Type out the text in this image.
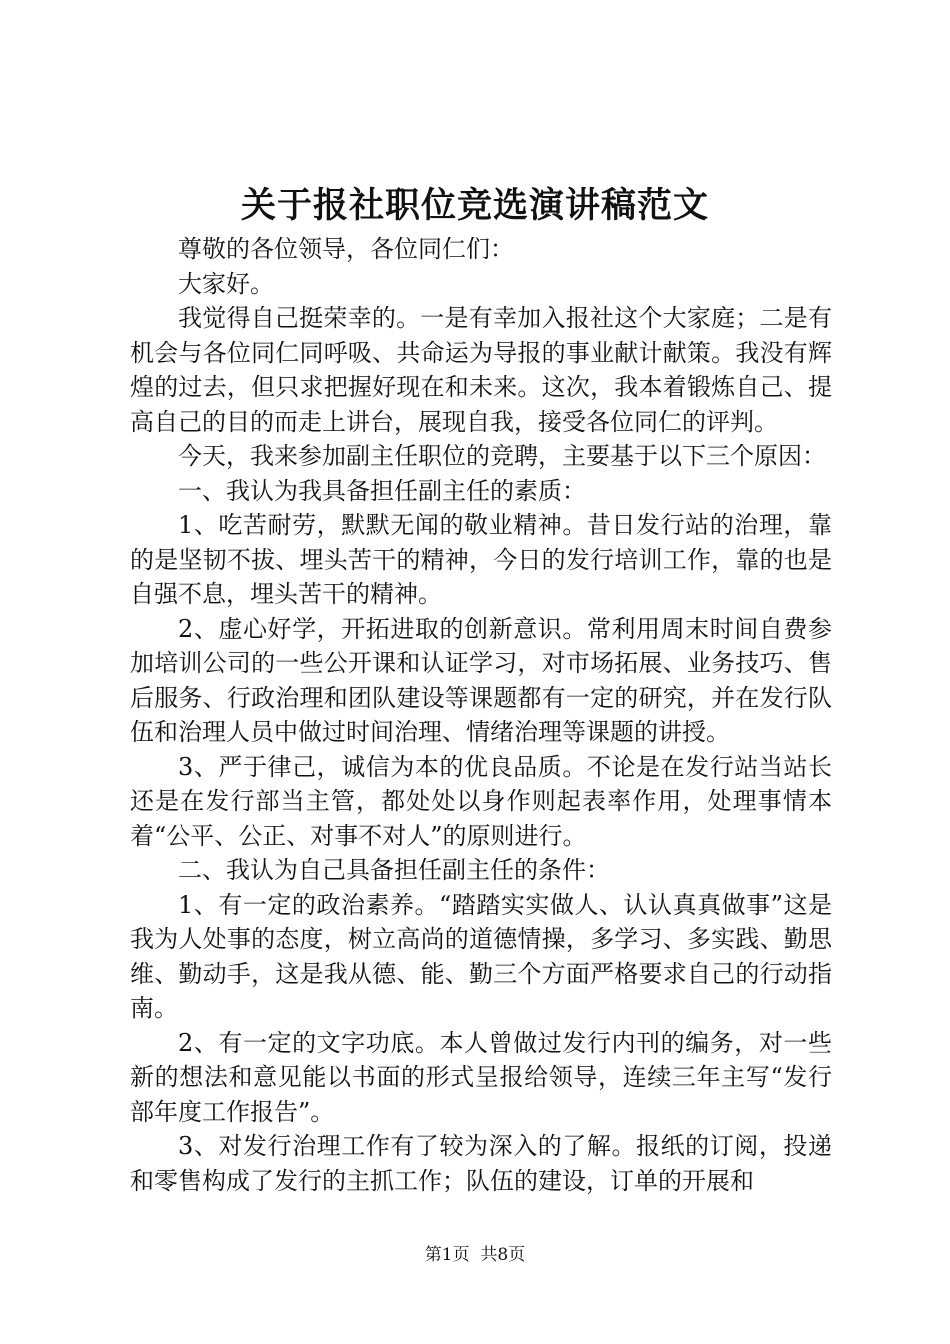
关于报社职位竞选演讲稿范文

尊敬的各位领导，各位同仁们：

大家好。

我觉得自己挺荣幸的。一是有幸加入报社这个大家庭；二是有机会与各位同仁同呼吸、共命运为导报的事业献计献策。我没有辉煌的过去，但只求把握好现在和未来。这次，我本着锻炼自己、提高自己的目的而走上讲台，展现自我，接受各位同仁的评判。

今天，我来参加副主任职位的竞聘，主要基于以下三个原因：

一、我认为我具备担任副主任的素质：

1、吃苦耐劳，默默无闻的敬业精神。昔日发行站的治理，靠的是坚韧不拔、埋头苦干的精神，今日的发行培训工作，靠的也是自强不息，埋头苦干的精神。

2、虚心好学，开拓进取的创新意识。常利用周末时间自费参加培训公司的一些公开课和认证学习，对市场拓展、业务技巧、售后服务、行政治理和团队建设等课题都有一定的研究，并在发行队伍和治理人员中做过时间治理、情绪治理等课题的讲授。

3、严于律己，诚信为本的优良品质。不论是在发行站当站长还是在发行部当主管，都处处以身作则起表率作用，处理事情本着“公平、公正、对事不对人”的原则进行。

二、我认为自己具备担任副主任的条件：

1、有一定的政治素养。“踏踏实实做人、认认真真做事”这是我为人处事的态度，树立高尚的道德情操，多学习、多实践、勤思维、勤动手，这是我从德、能、勤三个方面严格要求自己的行动指南。

2、有一定的文字功底。本人曾做过发行内刊的编务，对一些新的想法和意见能以书面的形式呈报给领导，连续三年主写“发行部年度工作报告”。

3、对发行治理工作有了较为深入的了解。报纸的订阅，投递和零售构成了发行的主抓工作；队伍的建设，订单的开展和

第1页 共8页
